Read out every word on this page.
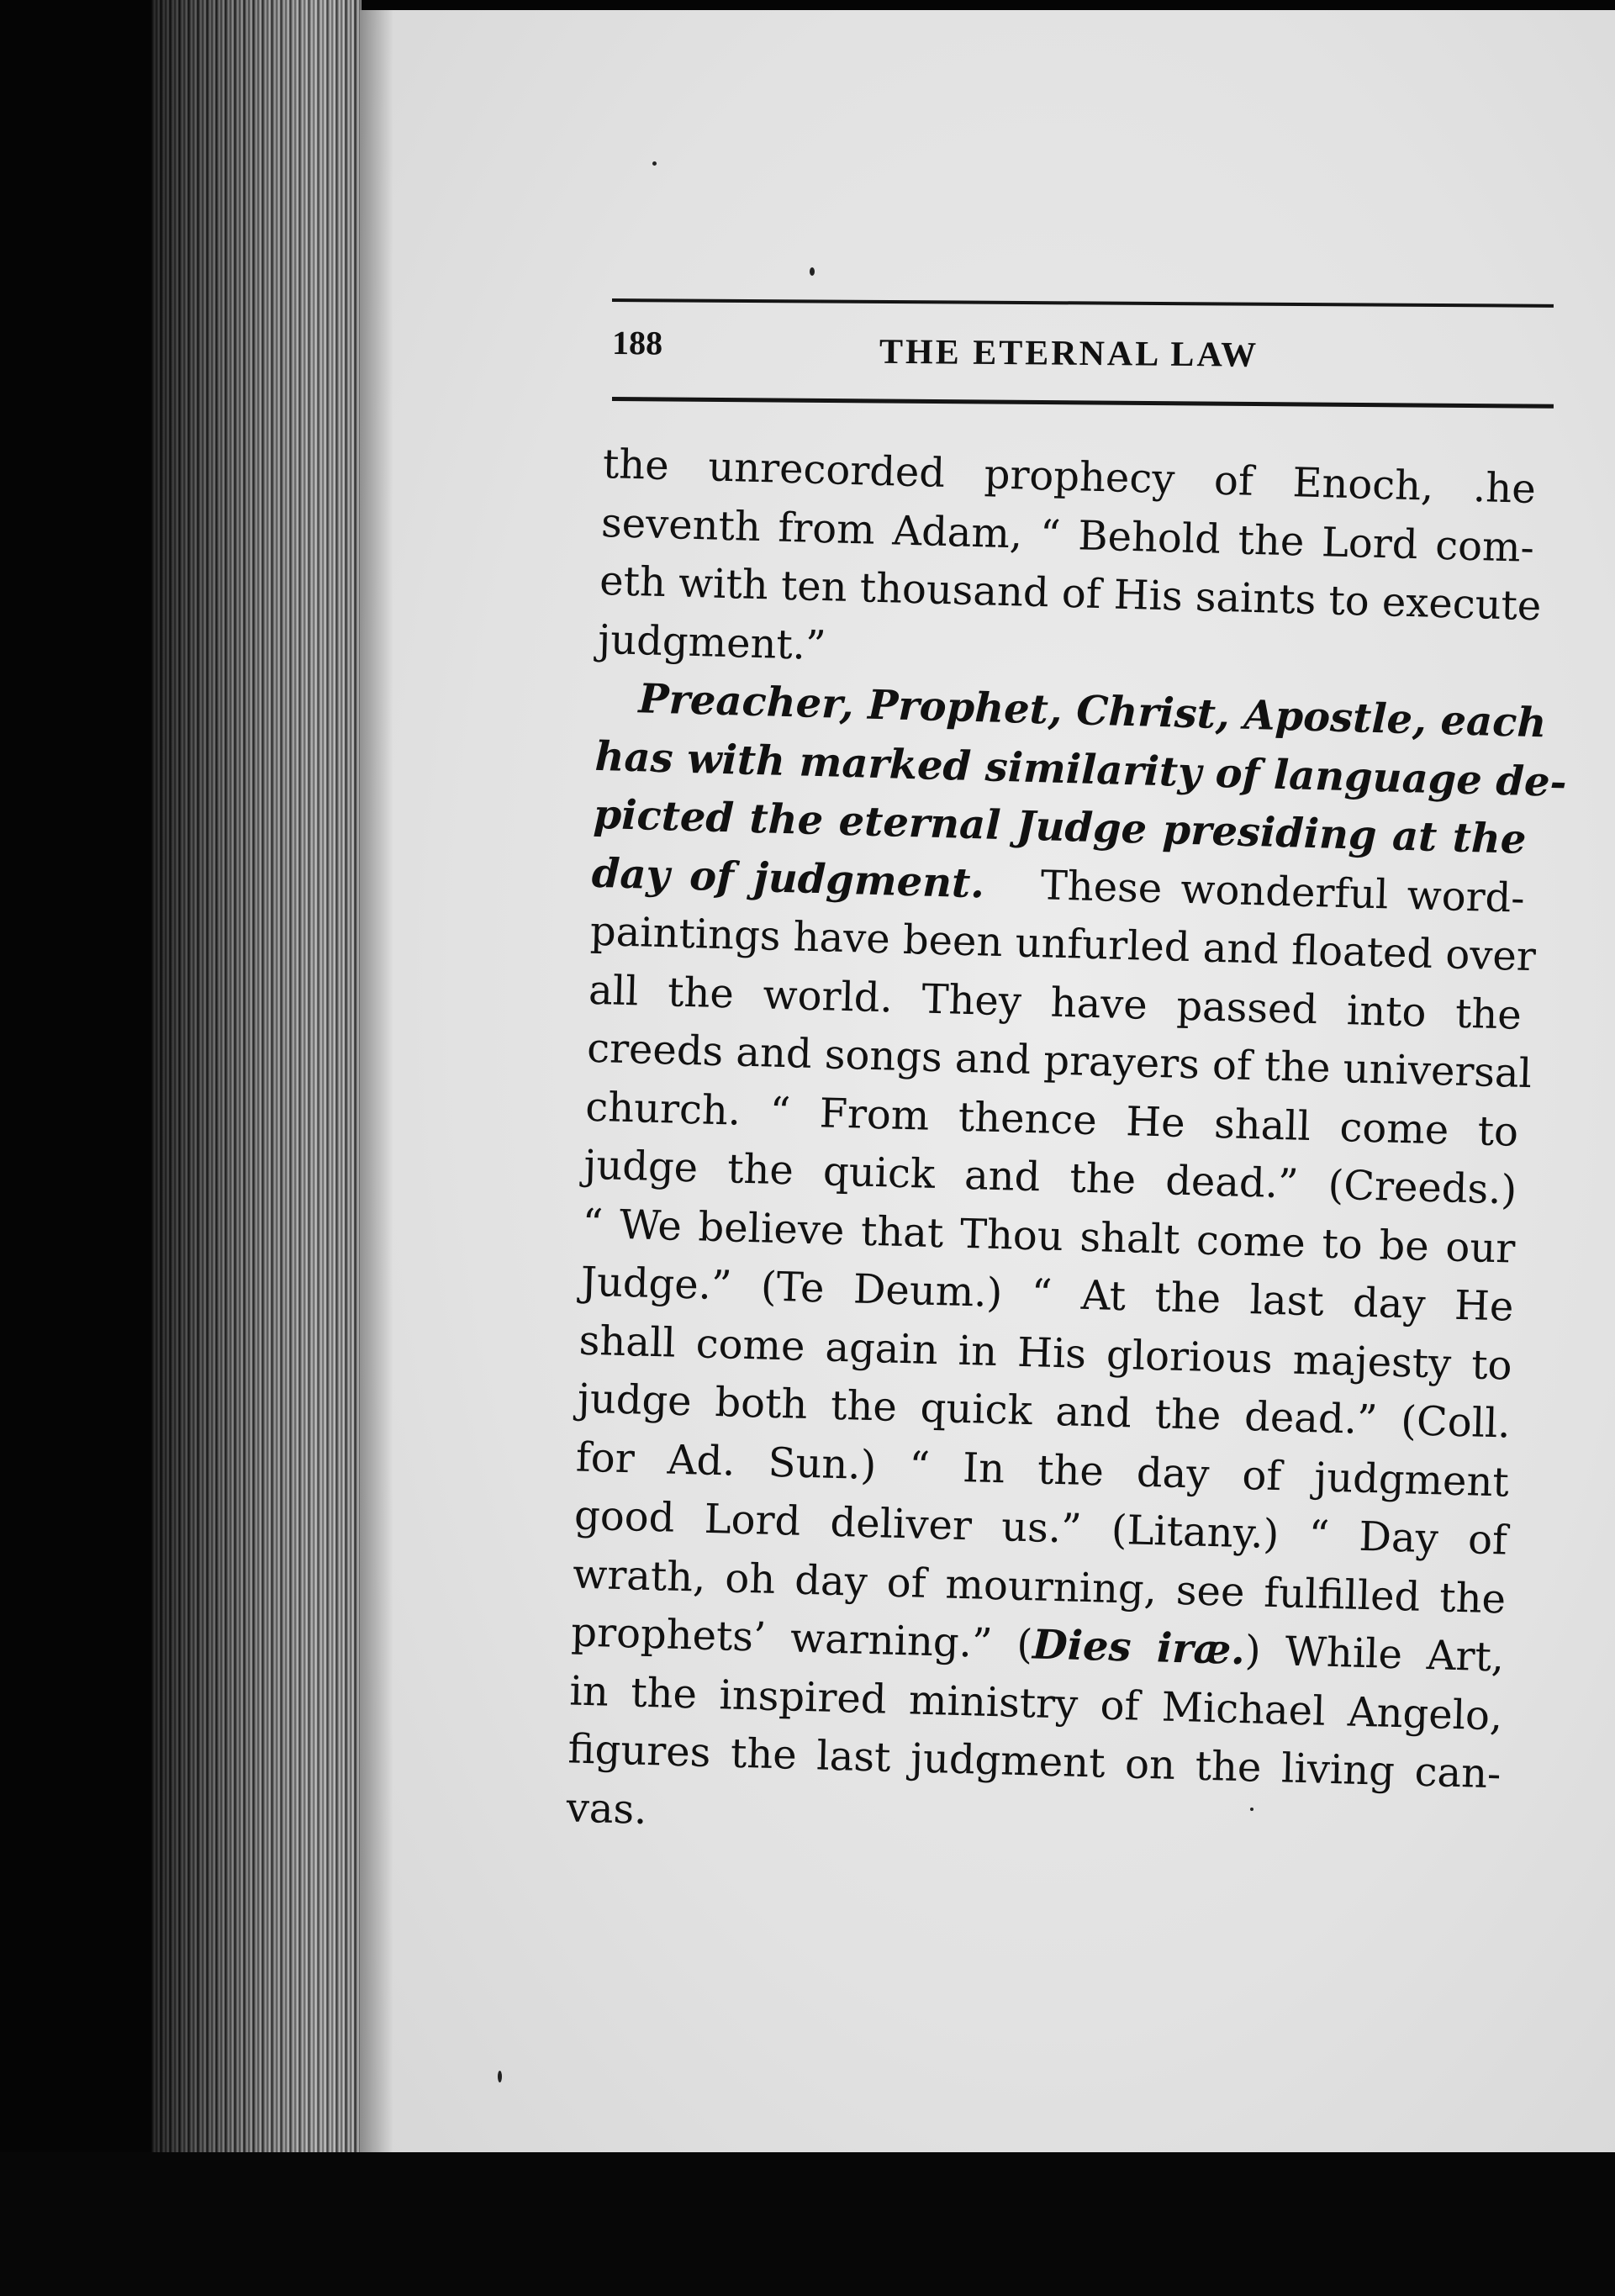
188	THE ETERNAL LAW
the unrecorded prophecy of Enoch, .he
seventh from Adam, “ Behold the Lord com-
eth with ten thousand of His saints to execute
judgment.”
Preacher, Prophet, Christ, Apostle, each
has with marked similarity of language de-
picted the eternal Judge presiding at the
day of judgment. These wonderful word-
paintings have been unfurled and floated over
all the world. They have passed into the
creeds and songs and prayers of the universal
church. “ From thence He shall come to
judge the quick and the dead.” (Creeds.)
“ We believe that Thou shalt come to be our
Judge.” (Te Deum.) “ At the last day He
shall come again in His glorious majesty to
judge both the quick and the dead.” (Coll.
for Ad. Sun.) “ In the day of judgment
good Lord deliver us.” (Litany.) “ Day of
wrath, oh day of mourning, see fulfilled the
prophets’ warning.” (Dies iræ.) While Art,
in the inspired ministry of Michael Angelo,
figures the last judgment on the living can-
vas.
